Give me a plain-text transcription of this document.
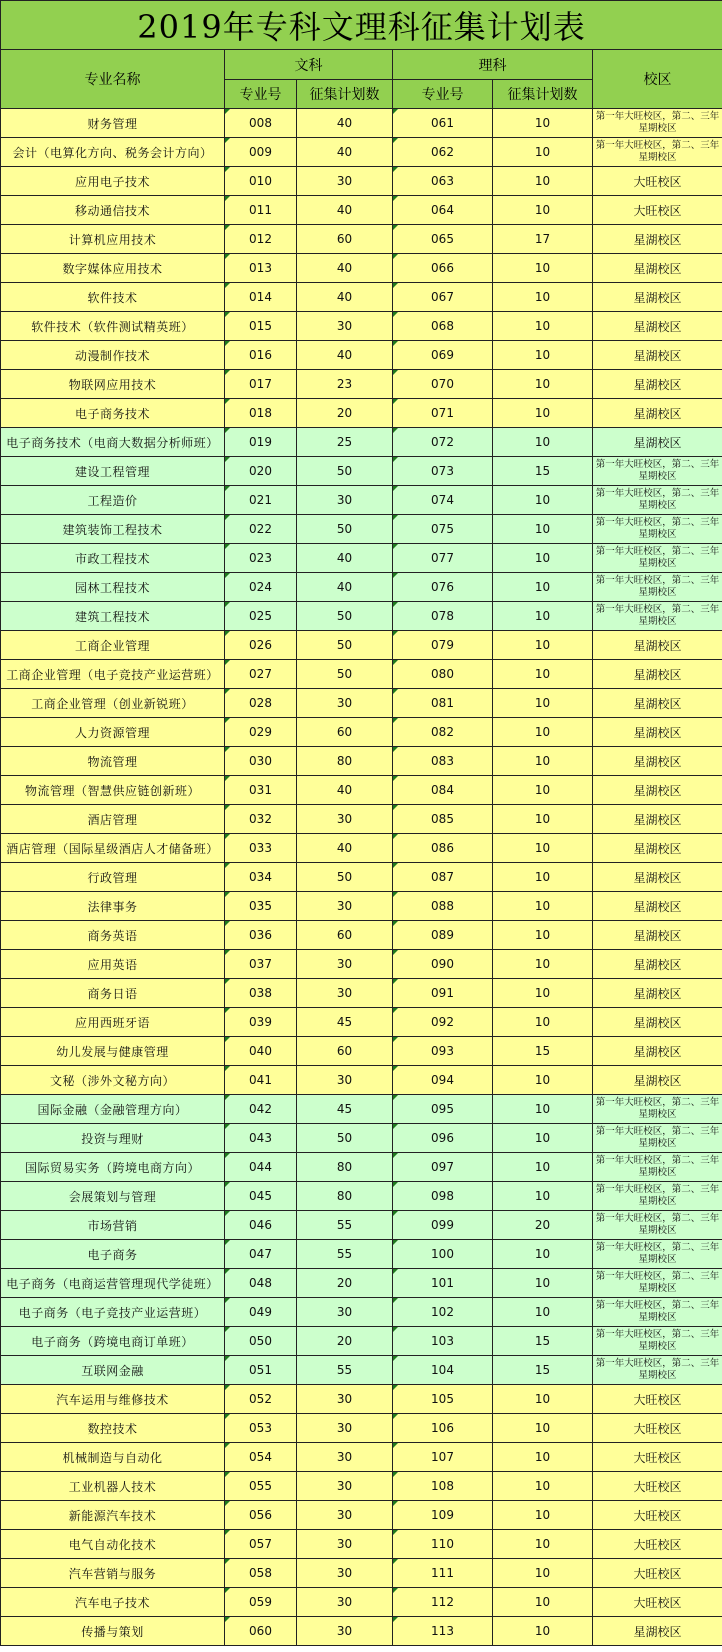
2019年专科文理科征集计划表					
专业名称	文科		理科		校区
	专业号	征集计划数	专业号	征集计划数	
财务管理	008	40	061	10	第一年大旺校区，第二、三年星期校区
会计（电算化方向、税务会计方向）	009	40	062	10	第一年大旺校区，第二、三年星期校区
应用电子技术	010	30	063	10	大旺校区
移动通信技术	011	40	064	10	大旺校区
计算机应用技术	012	60	065	17	星湖校区
数字媒体应用技术	013	40	066	10	星湖校区
软件技术	014	40	067	10	星湖校区
软件技术（软件测试精英班）	015	30	068	10	星湖校区
动漫制作技术	016	40	069	10	星湖校区
物联网应用技术	017	23	070	10	星湖校区
电子商务技术	018	20	071	10	星湖校区
电子商务技术（电商大数据分析师班）	019	25	072	10	星湖校区
建设工程管理	020	50	073	15	第一年大旺校区，第二、三年星期校区
工程造价	021	30	074	10	第一年大旺校区，第二、三年星期校区
建筑装饰工程技术	022	50	075	10	第一年大旺校区，第二、三年星期校区
市政工程技术	023	40	077	10	第一年大旺校区，第二、三年星期校区
园林工程技术	024	40	076	10	第一年大旺校区，第二、三年星期校区
建筑工程技术	025	50	078	10	第一年大旺校区，第二、三年星期校区
工商企业管理	026	50	079	10	星湖校区
工商企业管理（电子竞技产业运营班）	027	50	080	10	星湖校区
工商企业管理（创业新锐班）	028	30	081	10	星湖校区
人力资源管理	029	60	082	10	星湖校区
物流管理	030	80	083	10	星湖校区
物流管理（智慧供应链创新班）	031	40	084	10	星湖校区
酒店管理	032	30	085	10	星湖校区
酒店管理（国际星级酒店人才储备班）	033	40	086	10	星湖校区
行政管理	034	50	087	10	星湖校区
法律事务	035	30	088	10	星湖校区
商务英语	036	60	089	10	星湖校区
应用英语	037	30	090	10	星湖校区
商务日语	038	30	091	10	星湖校区
应用西班牙语	039	45	092	10	星湖校区
幼儿发展与健康管理	040	60	093	15	星湖校区
文秘（涉外文秘方向）	041	30	094	10	星湖校区
国际金融（金融管理方向）	042	45	095	10	第一年大旺校区，第二、三年星期校区
投资与理财	043	50	096	10	第一年大旺校区，第二、三年星期校区
国际贸易实务（跨境电商方向）	044	80	097	10	第一年大旺校区，第二、三年星期校区
会展策划与管理	045	80	098	10	第一年大旺校区，第二、三年星期校区
市场营销	046	55	099	20	第一年大旺校区，第二、三年星期校区
电子商务	047	55	100	10	第一年大旺校区，第二、三年星期校区
电子商务（电商运营管理现代学徒班）	048	20	101	10	第一年大旺校区，第二、三年星期校区
电子商务（电子竞技产业运营班）	049	30	102	10	第一年大旺校区，第二、三年星期校区
电子商务（跨境电商订单班）	050	20	103	15	第一年大旺校区，第二、三年星期校区
互联网金融	051	55	104	15	第一年大旺校区，第二、三年星期校区
汽车运用与维修技术	052	30	105	10	大旺校区
数控技术	053	30	106	10	大旺校区
机械制造与自动化	054	30	107	10	大旺校区
工业机器人技术	055	30	108	10	大旺校区
新能源汽车技术	056	30	109	10	大旺校区
电气自动化技术	057	30	110	10	大旺校区
汽车营销与服务	058	30	111	10	大旺校区
汽车电子技术	059	30	112	10	大旺校区
传播与策划	060	30	113	10	星湖校区
